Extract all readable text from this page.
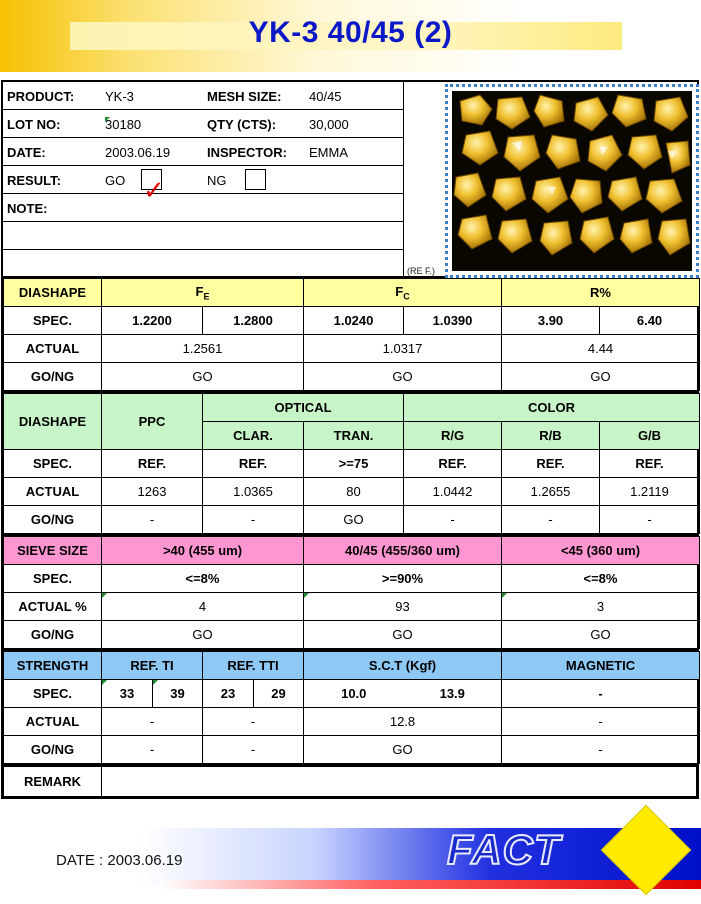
YK-3 40/45 (2)
PRODUCT: YK-3	MESH SIZE: 40/45
LOT NO:	30180	QTY (CTS):	30,000
DATE:	2003.06.19	INSPECTOR: EMMA
RESULT:	GO ✓	NG
NOTE:
(RE F.)
DIASHAPE	$F_E$		$F_C$		R%	
SPEC.	1.2200	1.2800	1.0240	1.0390	3.90	6.40
ACTUAL	1.2561		1.0317		4.44	
GO/NG	GO		GO		GO	
DIASHAPE	PPC	OPTICAL		COLOR		
		CLAR.	TRAN.	R/G	R/B	G/B
SPEC.	REF.	REF.	>=75	REF.	REF.	REF.
ACTUAL	1263	1.0365	80	1.0442	1.2655	1.2119
GO/NG	-	-	GO	-	-	-
SIEVE SIZE	>40 (455 um)	40/45 (455/360 um)	<45 (360 um)
SPEC.	<=8%	>=90%	<=8%
ACTUAL %	4	93	3
GO/NG	GO	GO	GO
STRENGTH	REF. TI		REF. TTI		S.C.T (Kgf)		MAGNETIC
SPEC.	33	39	23	29	10.0	13.9	-
ACTUAL	-		-		12.8		-
GO/NG	-		-		GO		-
REMARK	
DATE : 2003.06.19	FACT
